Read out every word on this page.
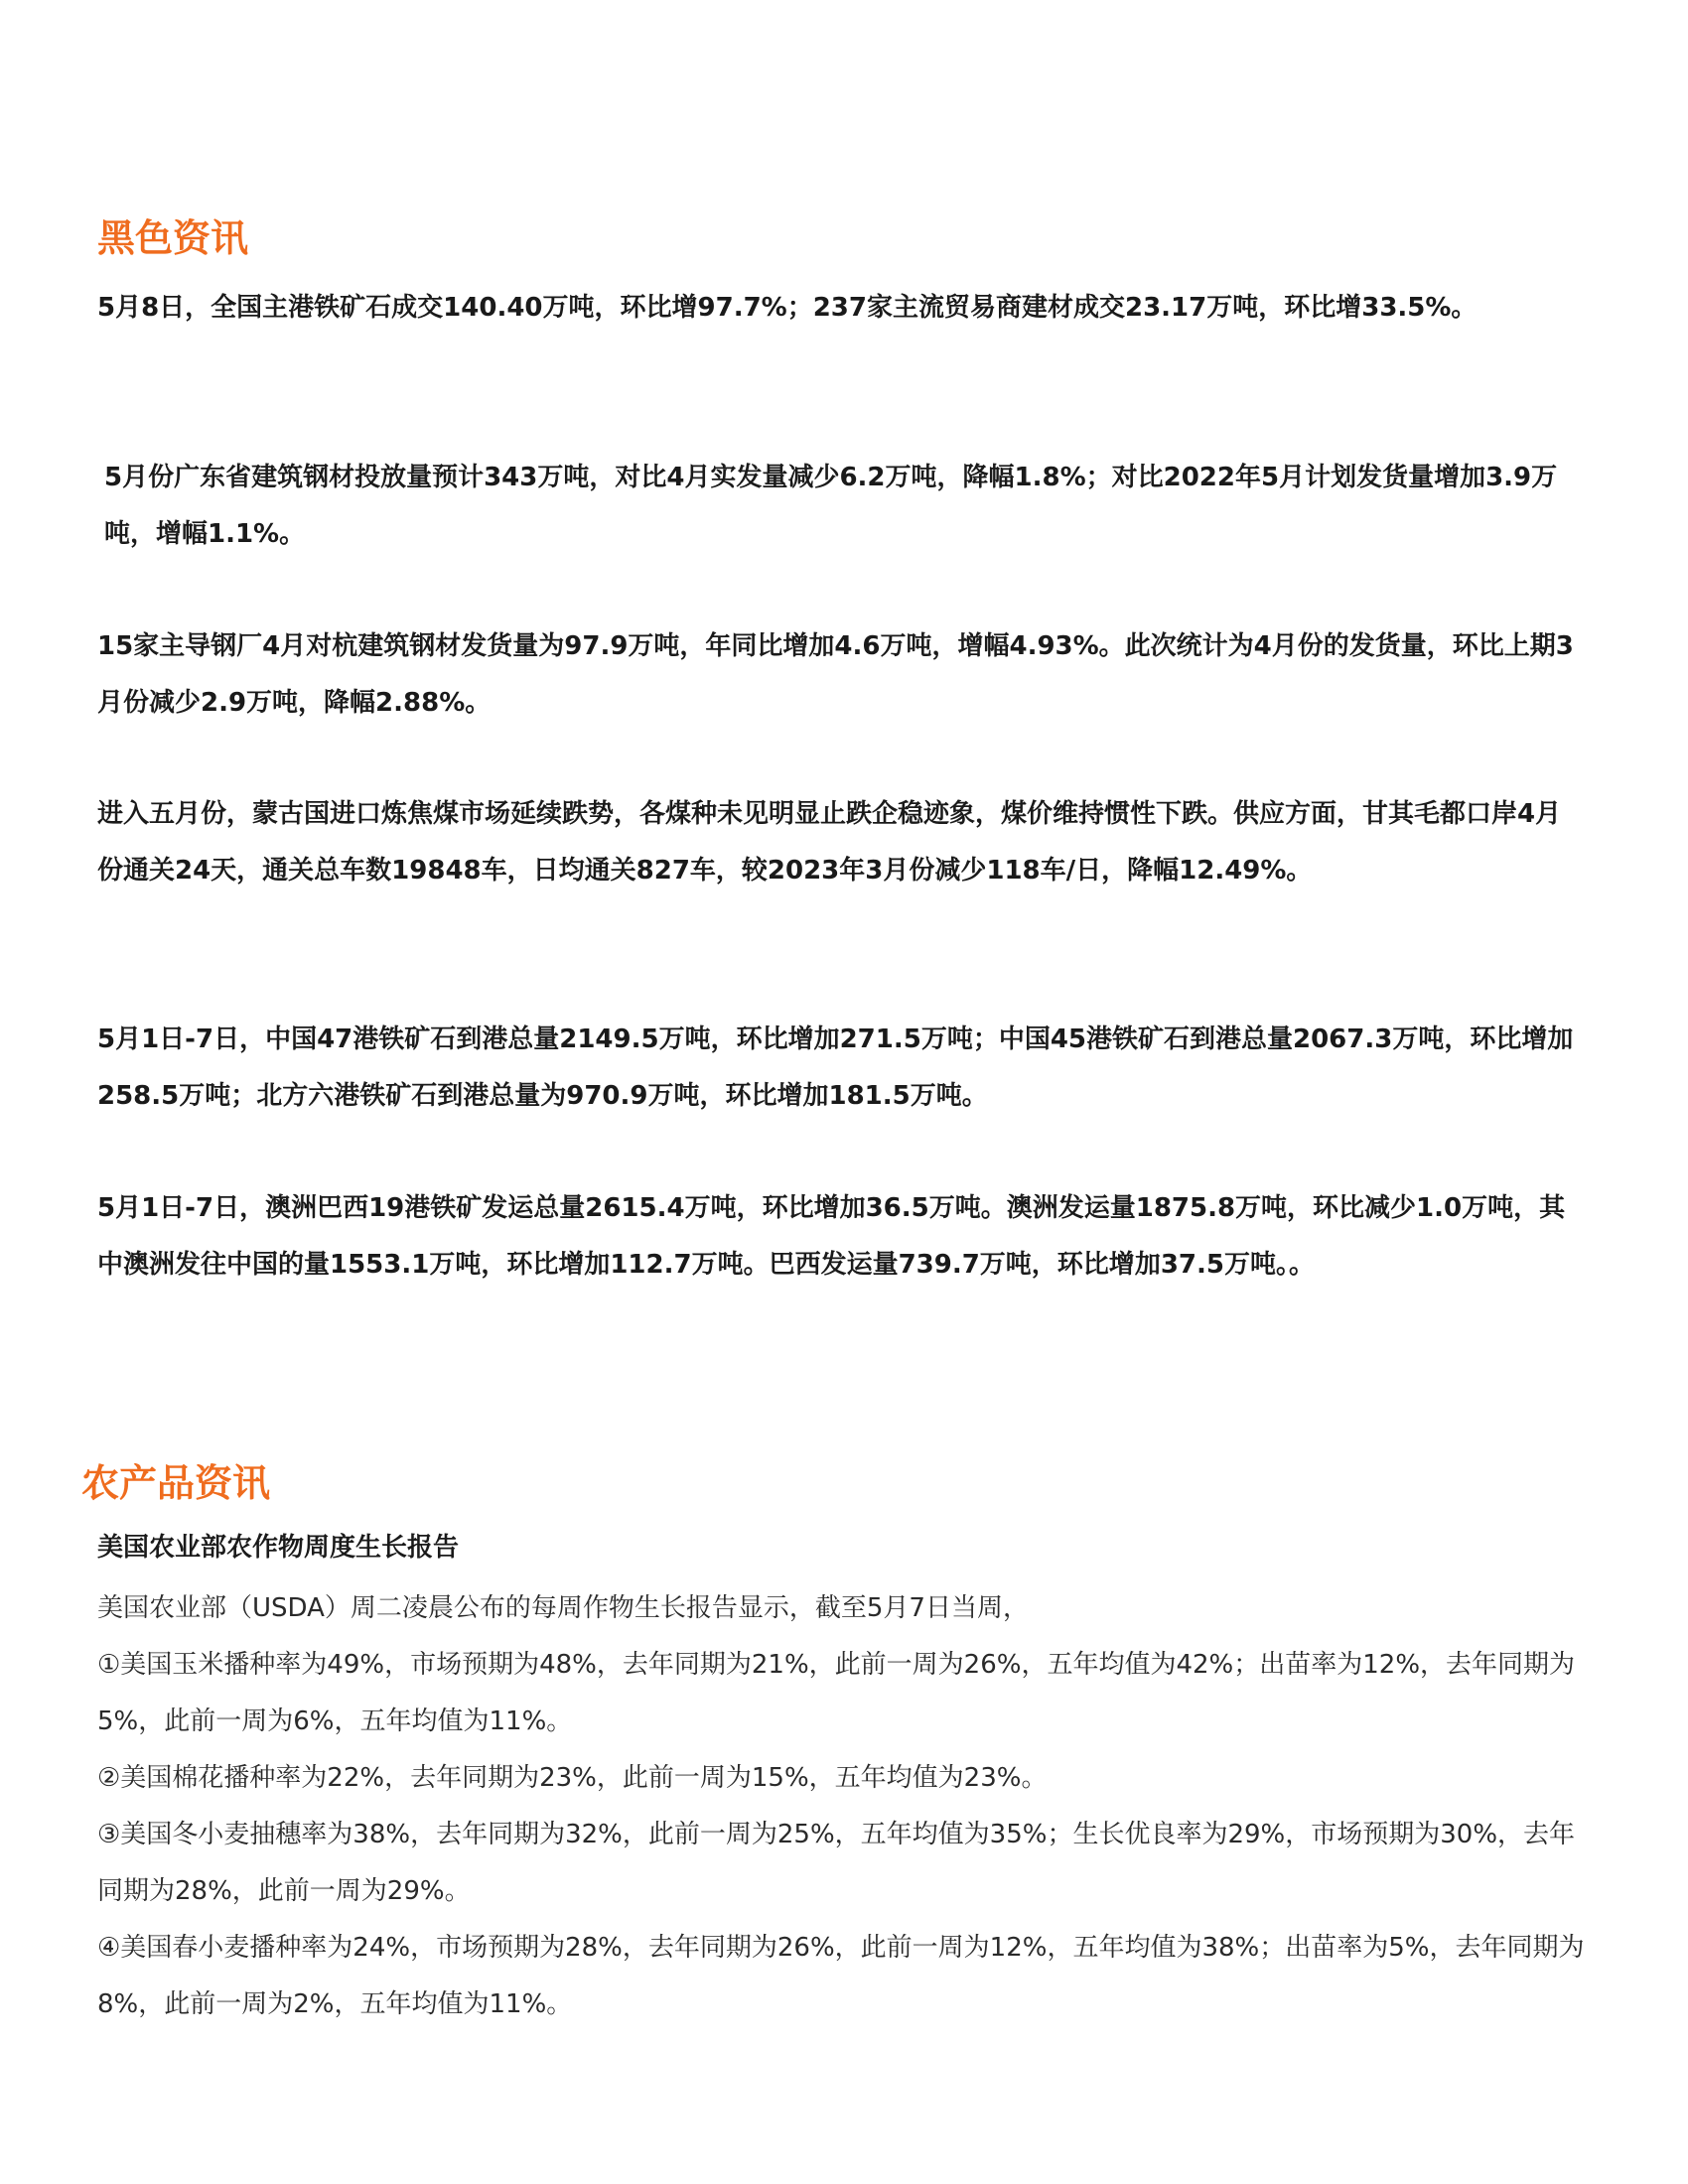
黑色资讯

5月8日，全国主港铁矿石成交140.40万吨，环比增97.7%；237家主流贸易商建材成交23.17万吨，环比增33.5%。

5月份广东省建筑钢材投放量预计343万吨，对比4月实发量减少6.2万吨，降幅1.8%；对比2022年5月计划发货量增加3.9万吨，增幅1.1%。

15家主导钢厂4月对杭建筑钢材发货量为97.9万吨，年同比增加4.6万吨，增幅4.93%。此次统计为4月份的发货量，环比上期3月份减少2.9万吨，降幅2.88%。

进入五月份，蒙古国进口炼焦煤市场延续跌势，各煤种未见明显止跌企稳迹象，煤价维持惯性下跌。供应方面，甘其毛都口岸4月份通关24天，通关总车数19848车，日均通关827车，较2023年3月份减少118车/日，降幅12.49%。

5月1日-7日，中国47港铁矿石到港总量2149.5万吨，环比增加271.5万吨；中国45港铁矿石到港总量2067.3万吨，环比增加258.5万吨；北方六港铁矿石到港总量为970.9万吨，环比增加181.5万吨。

5月1日-7日，澳洲巴西19港铁矿发运总量2615.4万吨，环比增加36.5万吨。澳洲发运量1875.8万吨，环比减少1.0万吨，其中澳洲发往中国的量1553.1万吨，环比增加112.7万吨。巴西发运量739.7万吨，环比增加37.5万吨。。

农产品资讯
美国农业部农作物周度生长报告

美国农业部（USDA）周二凌晨公布的每周作物生长报告显示，截至5月7日当周，

①美国玉米播种率为49%，市场预期为48%，去年同期为21%，此前一周为26%，五年均值为42%；出苗率为12%，去年同期为5%，此前一周为6%，五年均值为11%。

②美国棉花播种率为22%，去年同期为23%，此前一周为15%，五年均值为23%。

③美国冬小麦抽穗率为38%，去年同期为32%，此前一周为25%，五年均值为35%；生长优良率为29%，市场预期为30%，去年同期为28%，此前一周为29%。

④美国春小麦播种率为24%，市场预期为28%，去年同期为26%，此前一周为12%，五年均值为38%；出苗率为5%，去年同期为8%，此前一周为2%，五年均值为11%。
